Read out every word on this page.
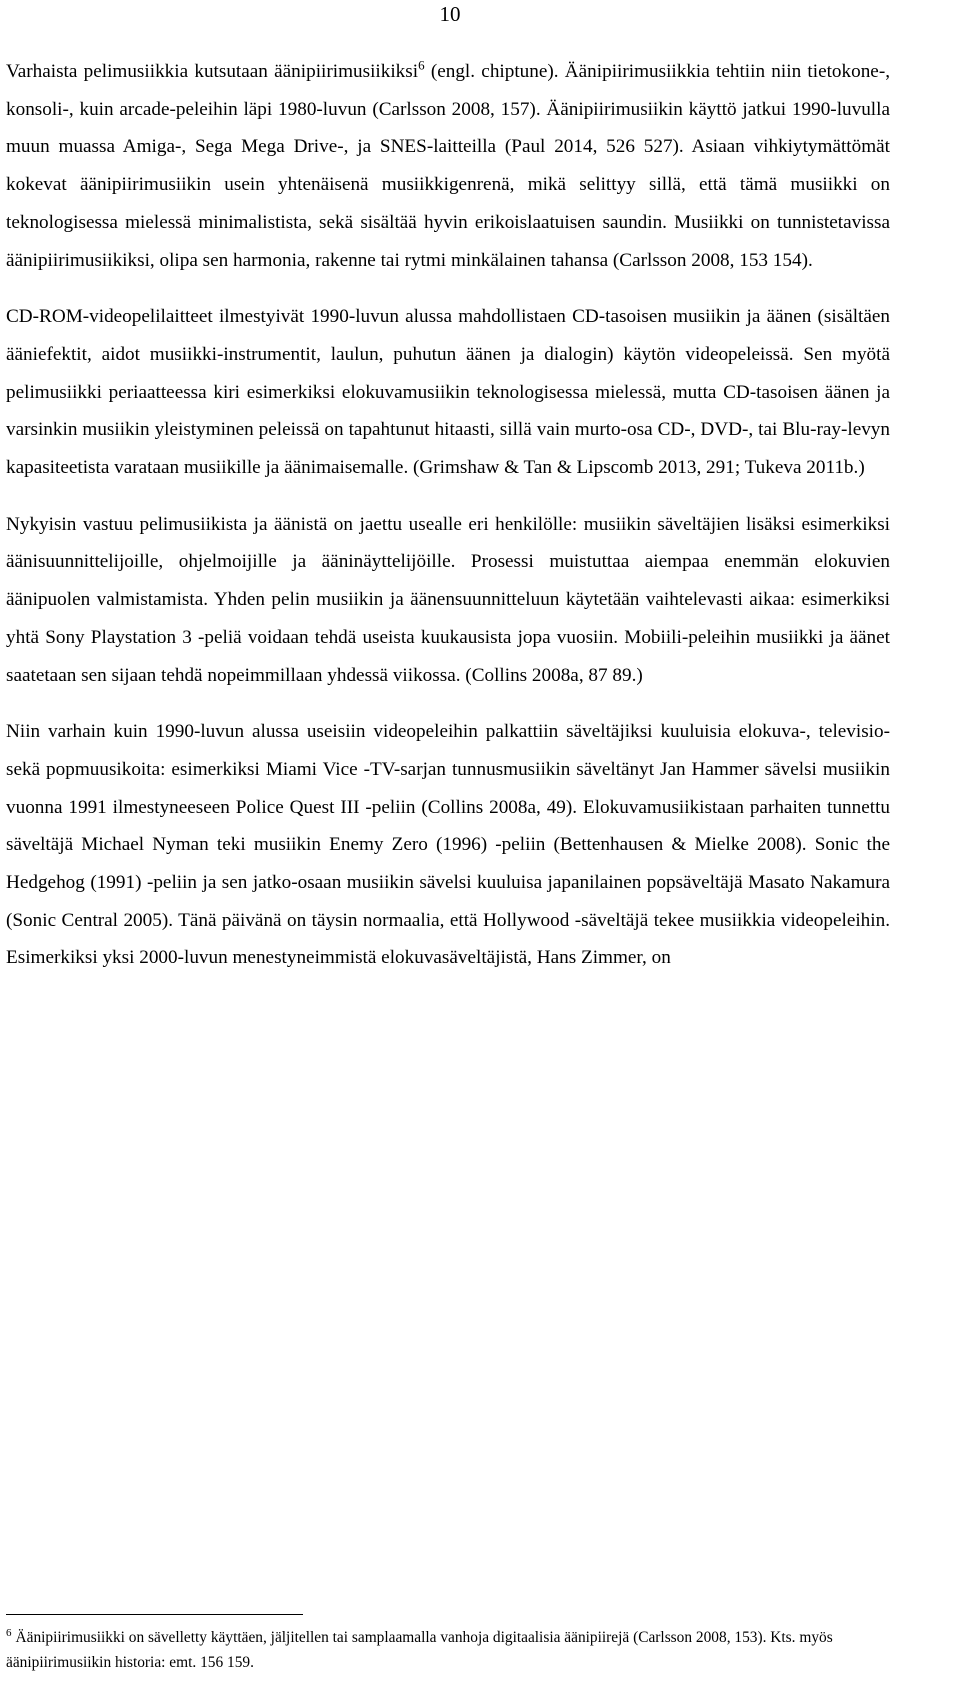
10

Varhaista pelimusiikkia kutsutaan äänipiirimusiikiksi$^6$ (engl. chiptune). Äänipiirimusiikkia tehtiin niin tietokone-, konsoli-, kuin arcade-peleihin läpi 1980-luvun (Carlsson 2008, 157). Äänipiirimusiikin käyttö jatkui 1990-luvulla muun muassa Amiga-, Sega Mega Drive-, ja SNES-laitteilla (Paul 2014, 526 527). Asiaan vihkiytymättömät kokevat äänipiirimusiikin usein yhtenäisenä musiikkigenrenä, mikä selittyy sillä, että tämä musiikki on teknologisessa mielessä minimalistista, sekä sisältää hyvin erikoislaatuisen saundin. Musiikki on tunnistetavissa äänipiirimusiikiksi, olipa sen harmonia, rakenne tai rytmi minkälainen tahansa (Carlsson 2008, 153 154).

CD-ROM-videopelilaitteet ilmestyivät 1990-luvun alussa mahdollistaen CD-tasoisen musiikin ja äänen (sisältäen ääniefektit, aidot musiikki-instrumentit, laulun, puhutun äänen ja dialogin) käytön videopeleissä. Sen myötä pelimusiikki periaatteessa kiri esimerkiksi elokuvamusiikin teknologisessa mielessä, mutta CD-tasoisen äänen ja varsinkin musiikin yleistyminen peleissä on tapahtunut hitaasti, sillä vain murto-osa CD-, DVD-, tai Blu-ray-levyn kapasiteetista varataan musiikille ja äänimaisemalle. (Grimshaw & Tan & Lipscomb 2013, 291; Tukeva 2011b.)

Nykyisin vastuu pelimusiikista ja äänistä on jaettu usealle eri henkilölle: musiikin säveltäjien lisäksi esimerkiksi äänisuunnittelijoille, ohjelmoijille ja ääninäyttelijöille. Prosessi muistuttaa aiempaa enemmän elokuvien äänipuolen valmistamista. Yhden pelin musiikin ja äänensuunnitteluun käytetään vaihtelevasti aikaa: esimerkiksi yhtä Sony Playstation 3 -peliä voidaan tehdä useista kuukausista jopa vuosiin. Mobiili-peleihin musiikki ja äänet saatetaan sen sijaan tehdä nopeimmillaan yhdessä viikossa. (Collins 2008a, 87 89.)

Niin varhain kuin 1990-luvun alussa useisiin videopeleihin palkattiin säveltäjiksi kuuluisia elokuva-, televisio- sekä popmuusikoita: esimerkiksi Miami Vice -TV-sarjan tunnusmusiikin säveltänyt Jan Hammer sävelsi musiikin vuonna 1991 ilmestyneeseen Police Quest III -peliin (Collins 2008a, 49). Elokuvamusiikistaan parhaiten tunnettu säveltäjä Michael Nyman teki musiikin Enemy Zero (1996) -peliin (Bettenhausen & Mielke 2008). Sonic the Hedgehog (1991) -peliin ja sen jatko-osaan musiikin sävelsi kuuluisa japanilainen popsäveltäjä Masato Nakamura (Sonic Central 2005). Tänä päivänä on täysin normaalia, että Hollywood -säveltäjä tekee musiikkia videopeleihin. Esimerkiksi yksi 2000-luvun menestyneimmistä elokuvasäveltäjistä, Hans Zimmer, on

$^6$ Äänipiirimusiikki on sävelletty käyttäen, jäljitellen tai samplaamalla vanhoja digitaalisia äänipiirejä (Carlsson 2008, 153). Kts. myös äänipiirimusiikin historia: emt. 156 159.
